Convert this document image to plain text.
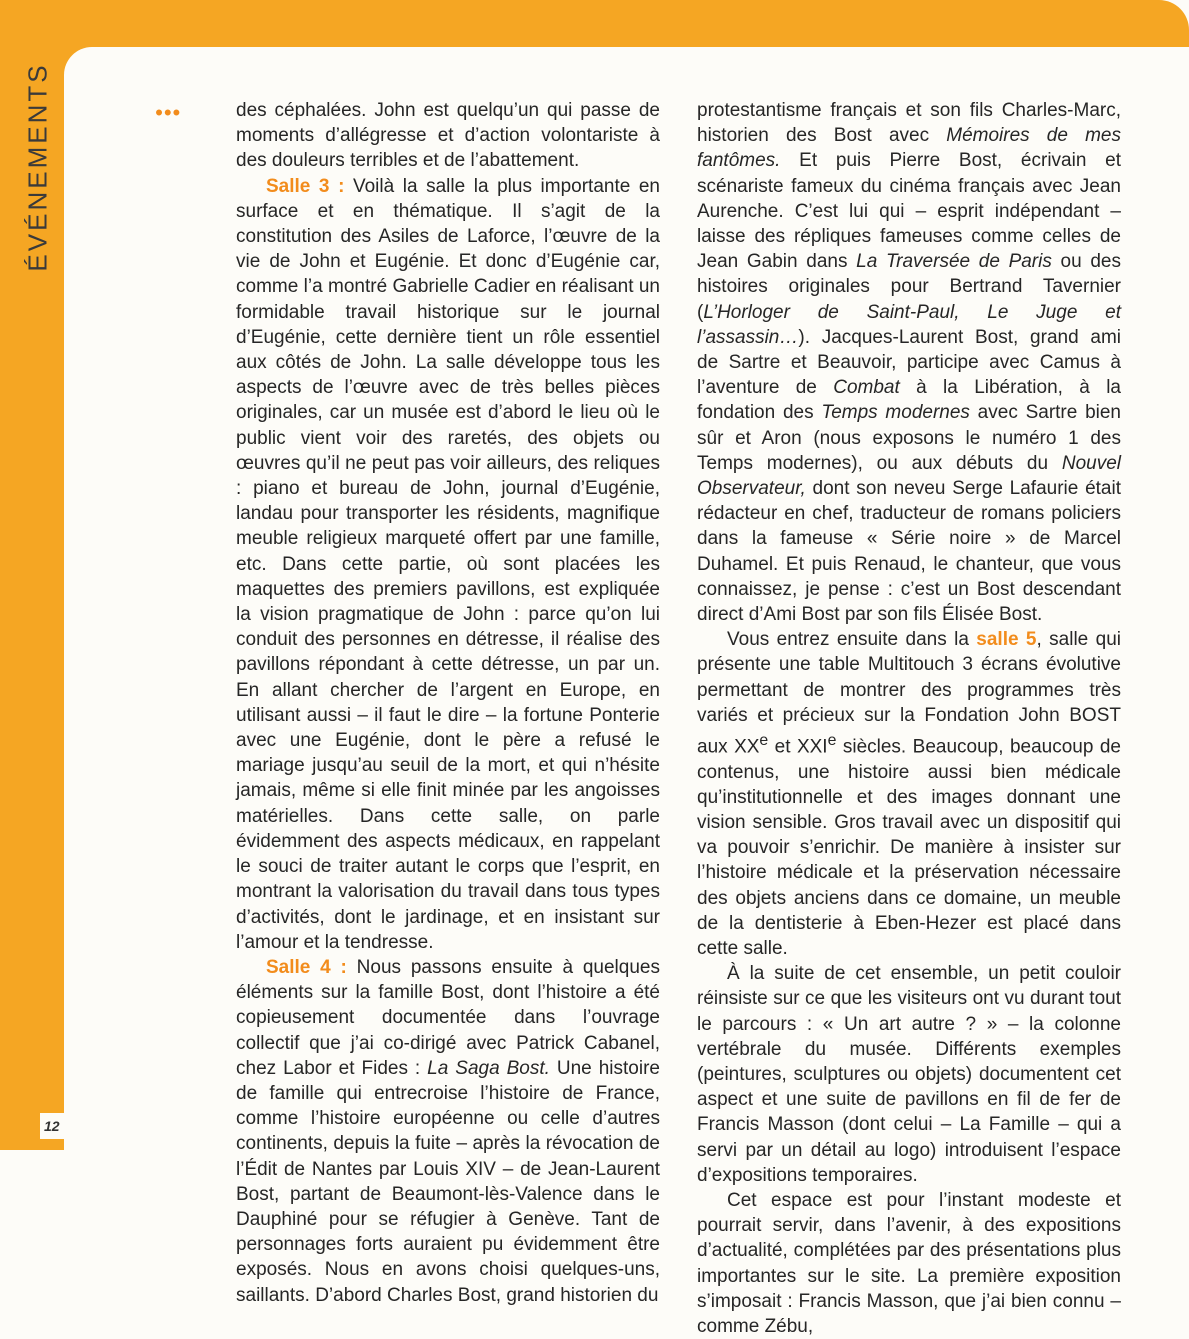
ÉVÉNEMENTS	•••	des céphalées. John est quelqu’un qui passe de moments d’allégresse et d’action volontariste à des douleurs terribles et de l’abattement.

Salle 3 : Voilà la salle la plus importante en surface et en thématique. Il s’agit de la constitution des Asiles de Laforce, l’œuvre de la vie de John et Eugénie. Et donc d’Eugénie car, comme l’a montré Gabrielle Cadier en réalisant un formidable travail historique sur le journal d’Eugénie, cette dernière tient un rôle essentiel aux côtés de John. La salle développe tous les aspects de l’œuvre avec de très belles pièces originales, car un musée est d’abord le lieu où le public vient voir des raretés, des objets ou œuvres qu’il ne peut pas voir ailleurs, des reliques : piano et bureau de John, journal d’Eugénie, landau pour transporter les résidents, magnifique meuble religieux marqueté offert par une famille, etc. Dans cette partie, où sont placées les maquettes des premiers pavillons, est expliquée la vision pragmatique de John : parce qu’on lui conduit des personnes en détresse, il réalise des pavillons répondant à cette détresse, un par un. En allant chercher de l’argent en Europe, en utilisant aussi – il faut le dire – la fortune Ponterie avec une Eugénie, dont le père a refusé le mariage jusqu’au seuil de la mort, et qui n’hésite jamais, même si elle finit minée par les angoisses matérielles. Dans cette salle, on parle évidemment des aspects médicaux, en rappelant le souci de traiter autant le corps que l’esprit, en montrant la valorisation du travail dans tous types d’activités, dont le jardinage, et en insistant sur l’amour et la tendresse.

Salle 4 : Nous passons ensuite à quelques éléments sur la famille Bost, dont l’histoire a été copieusement documentée dans l’ouvrage collectif que j’ai co-dirigé avec Patrick Cabanel, chez Labor et Fides : La Saga Bost. Une histoire de famille qui entrecroise l’histoire de France, comme l’histoire européenne ou celle d’autres continents, depuis la fuite – après la révocation de l’Édit de Nantes par Louis XIV – de Jean-Laurent Bost, partant de Beaumont-lès-Valence dans le Dauphiné pour se réfugier à Genève. Tant de personnages forts auraient pu évidemment être exposés. Nous en avons choisi quelques-uns, saillants. D’abord Charles Bost, grand historien du

protestantisme français et son fils Charles-Marc, historien des Bost avec Mémoires de mes fantômes. Et puis Pierre Bost, écrivain et scénariste fameux du cinéma français avec Jean Aurenche. C’est lui qui – esprit indépendant – laisse des répliques fameuses comme celles de Jean Gabin dans La Traversée de Paris ou des histoires originales pour Bertrand Tavernier (L’Horloger de Saint-Paul, Le Juge et l’assassin…). Jacques-Laurent Bost, grand ami de Sartre et Beauvoir, participe avec Camus à l’aventure de Combat à la Libération, à la fondation des Temps modernes avec Sartre bien sûr et Aron (nous exposons le numéro 1 des Temps modernes), ou aux débuts du Nouvel Observateur, dont son neveu Serge Lafaurie était rédacteur en chef, traducteur de romans policiers dans la fameuse « Série noire » de Marcel Duhamel. Et puis Renaud, le chanteur, que vous connaissez, je pense : c’est un Bost descendant direct d’Ami Bost par son fils Élisée Bost.

Vous entrez ensuite dans la salle 5, salle qui présente une table Multitouch 3 écrans évolutive permettant de montrer des programmes très variés et précieux sur la Fondation John BOST aux XXe et XXIe siècles. Beaucoup, beaucoup de contenus, une histoire aussi bien médicale qu’institutionnelle et des images donnant une vision sensible. Gros travail avec un dispositif qui va pouvoir s’enrichir. De manière à insister sur l’histoire médicale et la préservation nécessaire des objets anciens dans ce domaine, un meuble de la dentisterie à Eben-Hezer est placé dans cette salle.

À la suite de cet ensemble, un petit couloir réinsiste sur ce que les visiteurs ont vu durant tout le parcours : « Un art autre ? » – la colonne vertébrale du musée. Différents exemples (peintures, sculptures ou objets) documentent cet aspect et une suite de pavillons en fil de fer de Francis Masson (dont celui – La Famille – qui a servi par un détail au logo) introduisent l’espace d’expositions temporaires.

Cet espace est pour l’instant modeste et pourrait servir, dans l’avenir, à des expositions d’actualité, complétées par des présentations plus importantes sur le site. La première exposition s’imposait : Francis Masson, que j’ai bien connu – comme Zébu,

12
